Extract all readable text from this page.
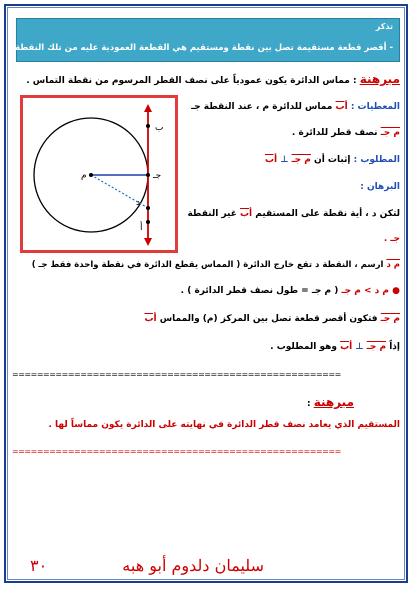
تذكر
- أقصر قطعة مستقيمة تصل بين نقطة ومستقيم هي القطعة العمودية عليه من تلك النقطة .
مبرهنة : مماس الدائرة يكون عمودياً على نصف القطر المرسوم من نقطة التماس .
المعطيات : أب مماس للدائرة م ، عند النقطة جـ
م جـ نصف قطر للدائرة .
المطلوب : إثبات أن م جـ ⊥ أب
البرهان :
لتكن د ، أية نقطة على المستقيم أب غير النقطة
جـ .
م د ارسم ، النقطة د تقع خارج الدائرة ( المماس يقطع الدائرة في نقطة واحدة فقط جـ )
● م د > م جـ ( م جـ = طول نصف قطر الدائرة ) .
م جـ فتكون أقصر قطعة تصل بين المركز (م) والمماس أب
إذاً م جـ ⊥ أب وهو المطلوب .
=====================================================
مبرهنة :
المستقيم الذي يعامد نصف قطر الدائرة في نهايته على الدائرة يكون مماساً لها .
=====================================================
ب
جـ
د
أ
م
سليمان دلدوم أبو هبه
٣٠
